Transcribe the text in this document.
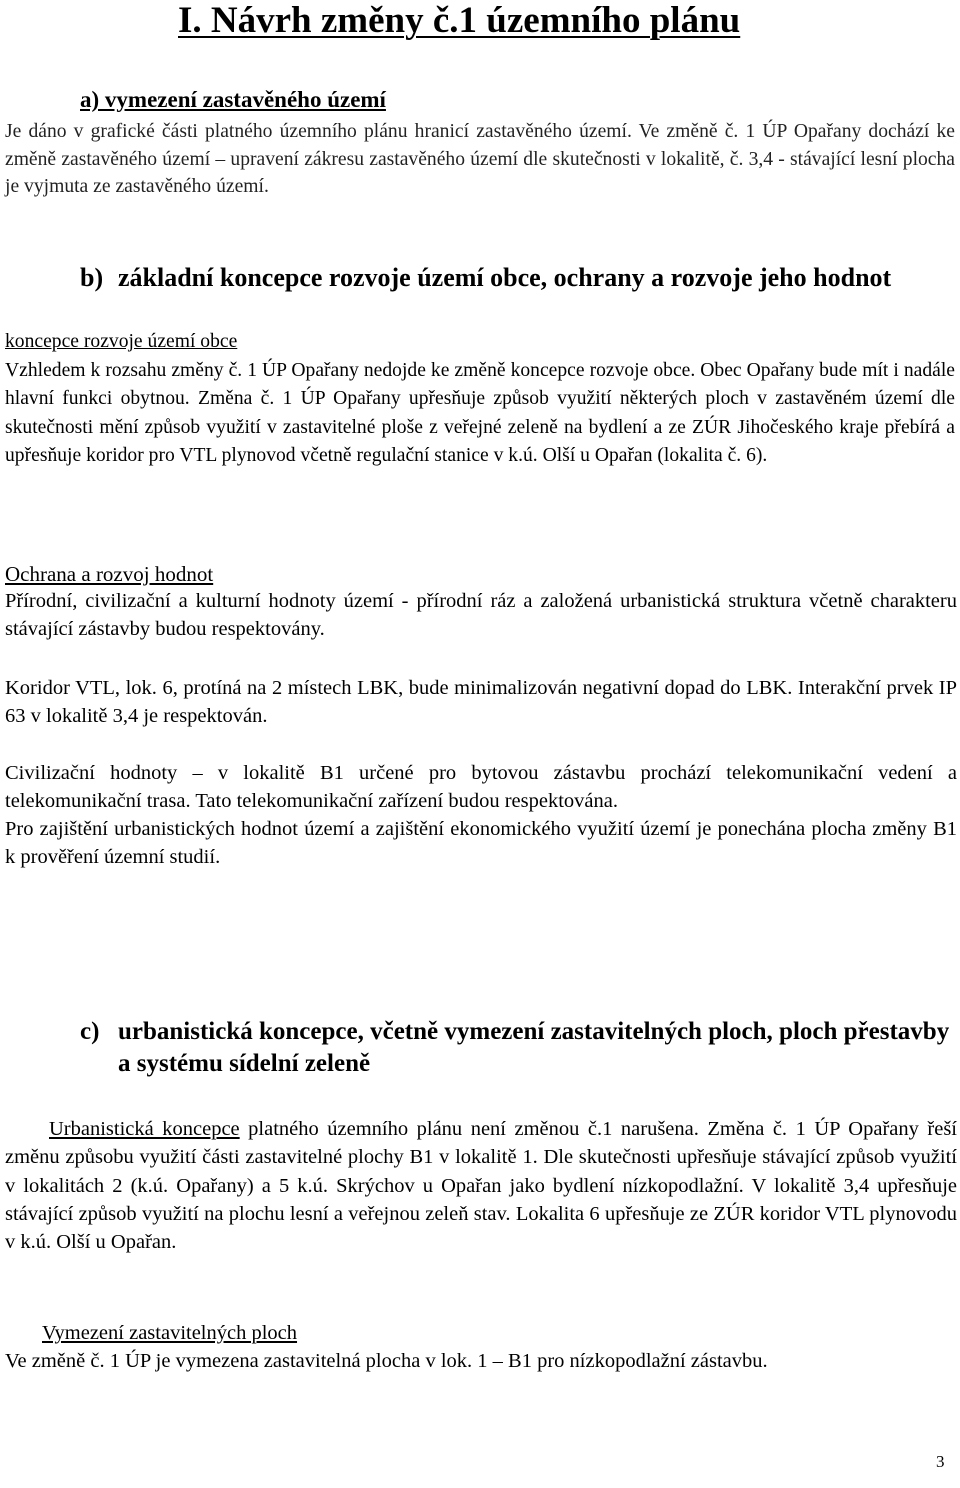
I. Návrh změny č.1 územního plánu
a) vymezení zastavěného území

Je dáno v grafické části platného územního plánu hranicí zastavěného území. Ve změně č. 1 ÚP Opařany dochází ke změně zastavěného území – upravení zákresu zastavěného území dle skutečnosti v lokalitě, č. 3,4 - stávající lesní plocha je vyjmuta ze zastavěného území.

b) základní koncepce rozvoje území obce, ochrany a rozvoje jeho hodnot
koncepce rozvoje území obce

Vzhledem k rozsahu změny č. 1 ÚP Opařany nedojde ke změně koncepce rozvoje obce. Obec Opařany bude mít i nadále hlavní funkci obytnou. Změna č. 1 ÚP Opařany upřesňuje způsob využití některých ploch v zastavěném území dle skutečnosti mění způsob využití v zastavitelné ploše z veřejné zeleně na bydlení a ze ZÚR Jihočeského kraje přebírá a upřesňuje koridor pro VTL plynovod včetně regulační stanice v k.ú. Olší u Opařan (lokalita č. 6).

Ochrana a rozvoj hodnot

Přírodní, civilizační a kulturní hodnoty území - přírodní ráz a založená urbanistická struktura včetně charakteru stávající zástavby budou respektovány.

Koridor VTL, lok. 6, protíná na 2 místech LBK, bude minimalizován negativní dopad do LBK. Interakční prvek IP 63 v lokalitě 3,4 je respektován.

Civilizační hodnoty – v lokalitě B1 určené pro bytovou zástavbu prochází telekomunikační vedení a telekomunikační trasa. Tato telekomunikační zařízení budou respektována.

Pro zajištění urbanistických hodnot území a zajištění ekonomického využití území je ponechána plocha změny B1 k prověření územní studií.

c) urbanistická koncepce, včetně vymezení zastavitelných ploch, ploch přestavby a systému sídelní zeleně

Urbanistická koncepce platného územního plánu není změnou č.1 narušena. Změna č. 1 ÚP Opařany řeší změnu způsobu využití části zastavitelné plochy B1 v lokalitě 1. Dle skutečnosti upřesňuje stávající způsob využití v lokalitách 2 (k.ú. Opařany) a 5 k.ú. Skrýchov u Opařan jako bydlení nízkopodlažní. V lokalitě 3,4 upřesňuje stávající způsob využití na plochu lesní a veřejnou zeleň stav. Lokalita 6 upřesňuje ze ZÚR koridor VTL plynovodu v k.ú. Olší u Opařan.

Vymezení zastavitelných ploch
Ve změně č. 1 ÚP je vymezena zastavitelná plocha v lok. 1 – B1 pro nízkopodlažní zástavbu.
3
